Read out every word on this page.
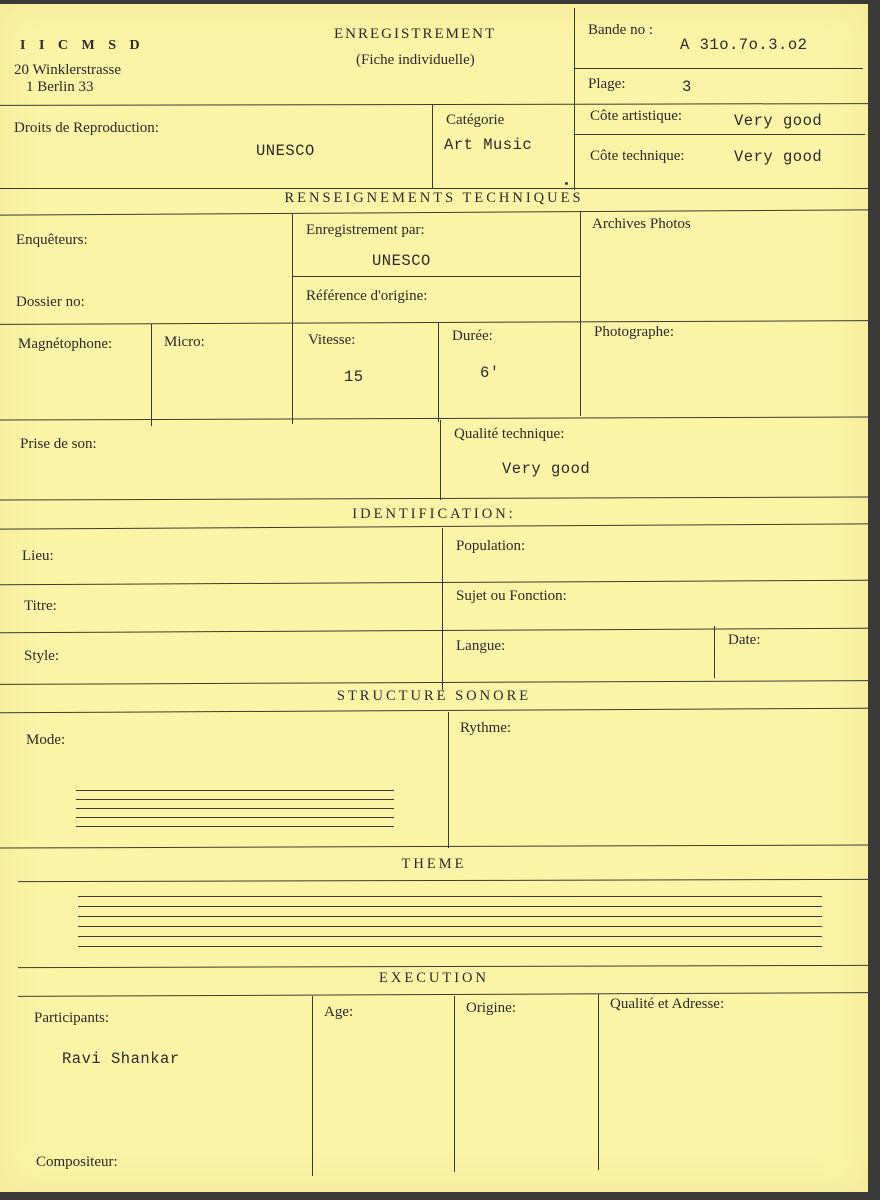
I I C M S D
20 Winklerstrasse
1 Berlin 33
ENREGISTREMENT
(Fiche individuelle)
Bande no :
A 31o.7o.3.o2
Plage:	3
Droits de Reproduction:
UNESCO
Catégorie
Art Music
Côte artistique:	Very good
Côte technique:	Very good
RENSEIGNEMENTS TECHNIQUES
Enquêteurs:
Enregistrement par:
UNESCO
Archives Photos
Dossier no:	Référence d'origine:
Magnétophone:	Micro:	Vitesse:
15
Durée:
6'
Photographe:
Prise de son:
Qualité technique:
Very good
IDENTIFICATION:
Lieu:
Population:
Titre:
Sujet ou Fonction:
Style:
Langue:	Date:
STRUCTURE SONORE
Mode:
Rythme:
THEME
EXECUTION
Participants:
Ravi Shankar
Age:	Origine:	Qualité et Adresse:
Compositeur:
